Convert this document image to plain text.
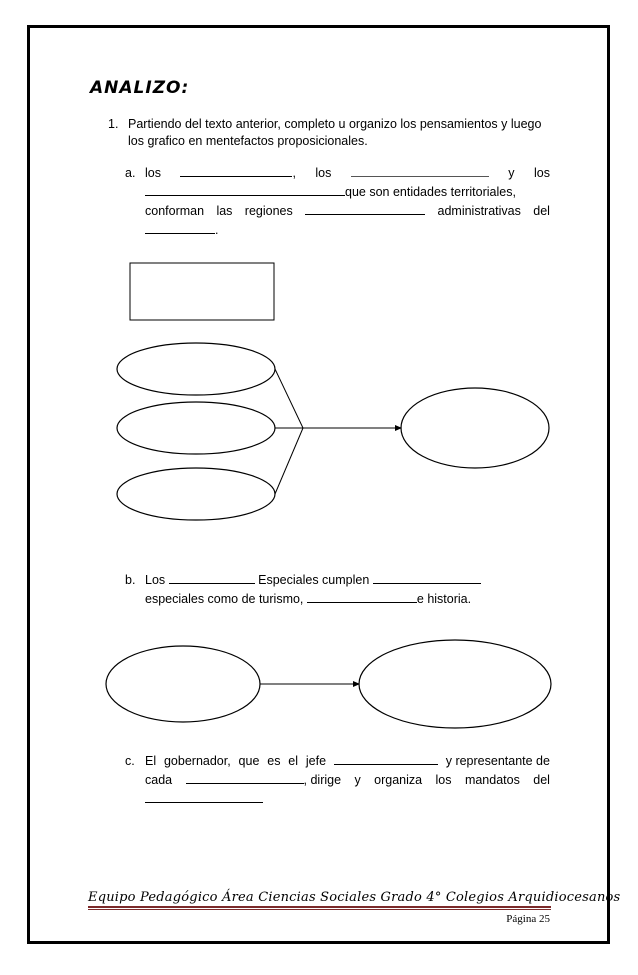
ANALIZO:
1. Partiendo del texto anterior, completo u organizo los pensamientos y luego los grafico en mentefactos proposicionales.
a. los	, los	y los
que son entidades territoriales,
conforman las regiones	administrativas del
.
b. Los	Especiales cumplen
especiales como de turismo,	e historia.
c. El gobernador, que es el jefe	y representante de
cada	, dirige y organiza los mandatos del
Equipo Pedagógico Área Ciencias Sociales Grado 4° Colegios Arquidiocesanos
Página 25
